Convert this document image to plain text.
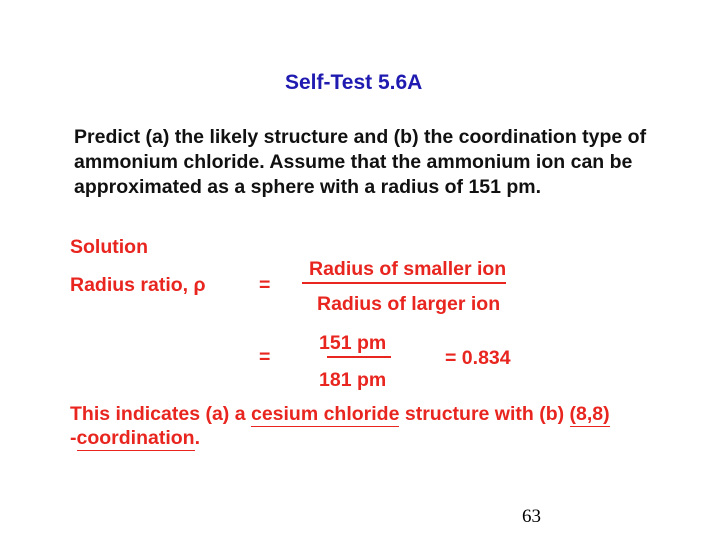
Self-Test 5.6A
Predict (a) the likely structure and (b) the coordination type of ammonium chloride. Assume that the ammonium ion can be approximated as a sphere with a radius of 151 pm.
Solution
Radius ratio, ρ	=
Radius of smaller ion
Radius of larger ion
=
151 pm
181 pm
= 0.834
This indicates (a) a cesium chloride structure with (b) (8,8)
-coordination.
63
